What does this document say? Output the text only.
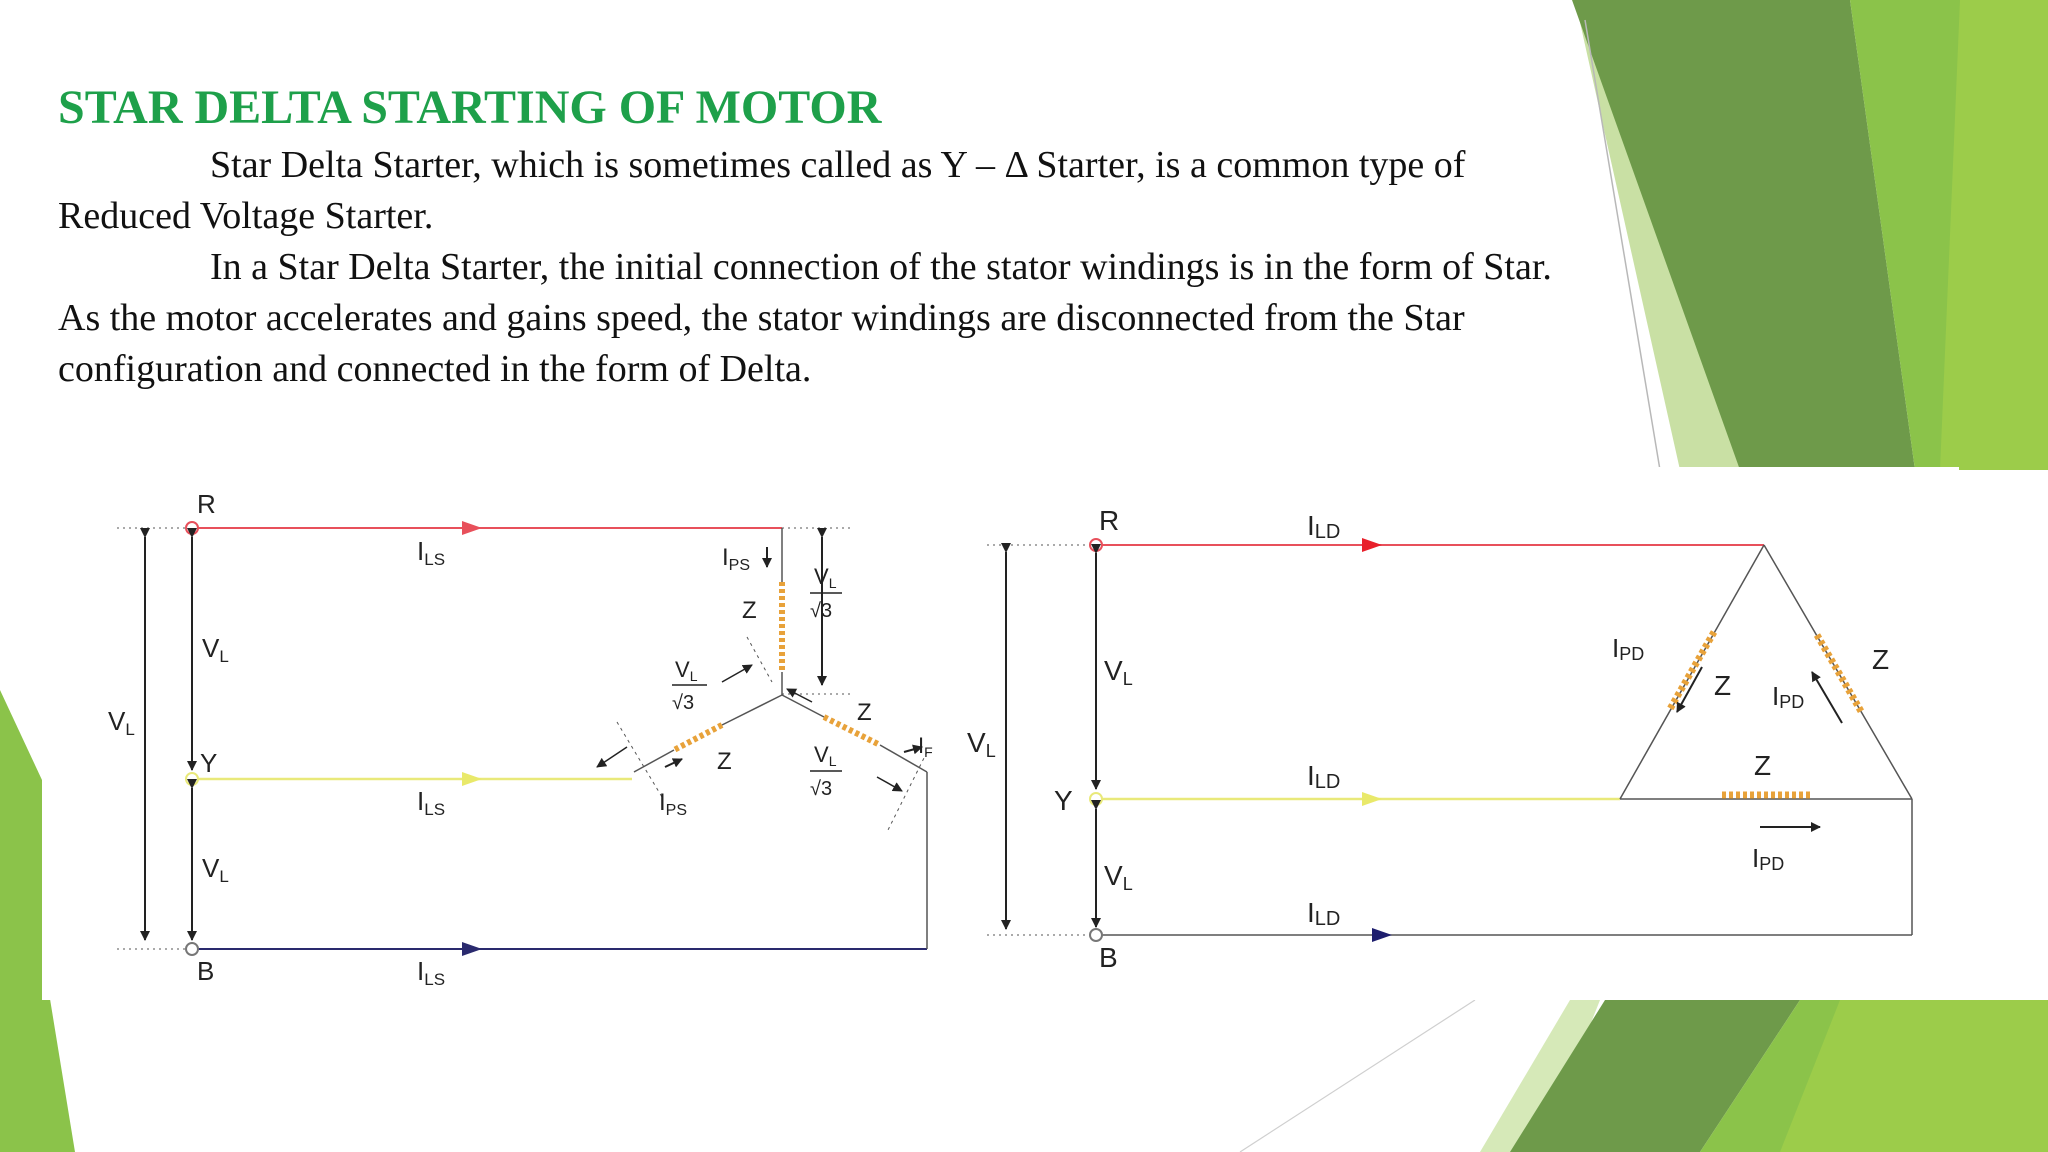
STAR DELTA STARTING OF MOTOR

Star Delta Starter, which is sometimes called as Y – Δ Starter, is a common type of

Reduced Voltage Starter.

In a Star Delta Starter, the initial connection of the stator windings is in the form of Star.

As the motor accelerates and gains speed, the stator windings are disconnected from the Star

configuration and connected in the form of Delta.

R
Y
B
VL
VL
VL
ILS
ILS
ILS
$I_{PS}$
$I_{PS}$
IF
Z
Z
Z
VL
√3
VL
√3
VL
√3
R
Y
B
VL
VL
VL
ILD
ILD
ILD
IPD
IPD
IPD
Z
Z
Z
